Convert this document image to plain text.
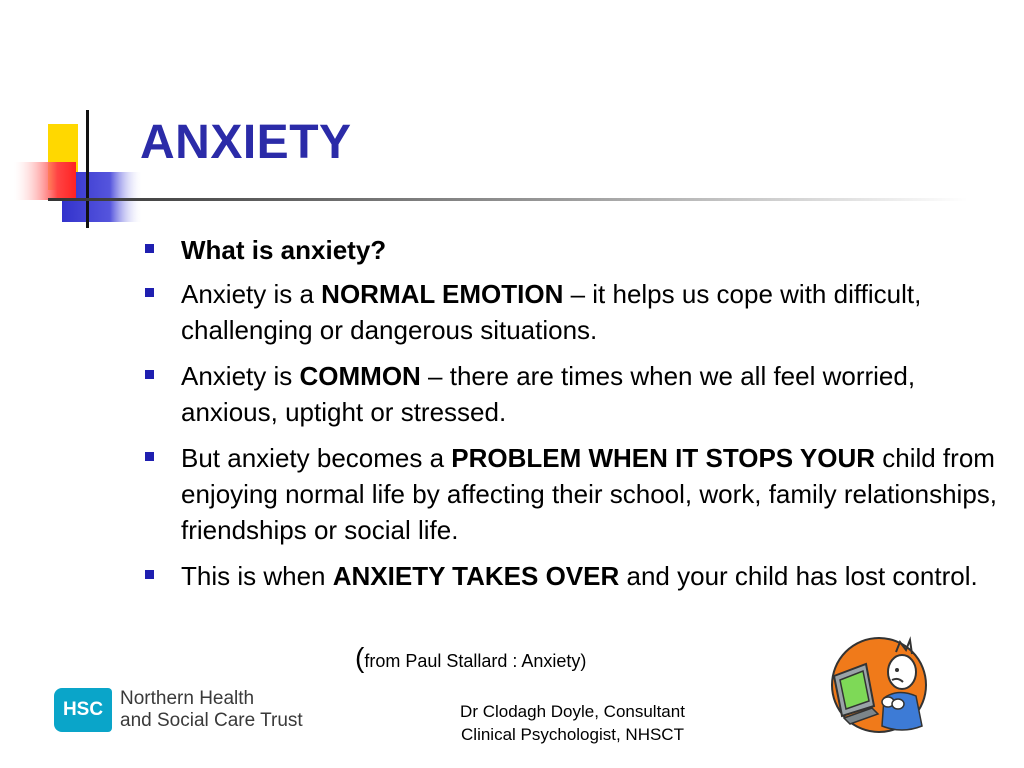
ANXIETY
What is anxiety?
Anxiety is a NORMAL EMOTION – it helps us cope with difficult, challenging or dangerous situations.
Anxiety is COMMON – there are times when we all feel worried, anxious, uptight or stressed.
But anxiety becomes a PROBLEM WHEN IT STOPS YOUR child from enjoying normal life by affecting their school, work, family relationships, friendships or social life.
This is when ANXIETY TAKES OVER and your child has lost control.
(from Paul Stallard : Anxiety)
HSC
Northern Health
and Social Care Trust	Dr Clodagh Doyle, Consultant
Clinical Psychologist, NHSCT
